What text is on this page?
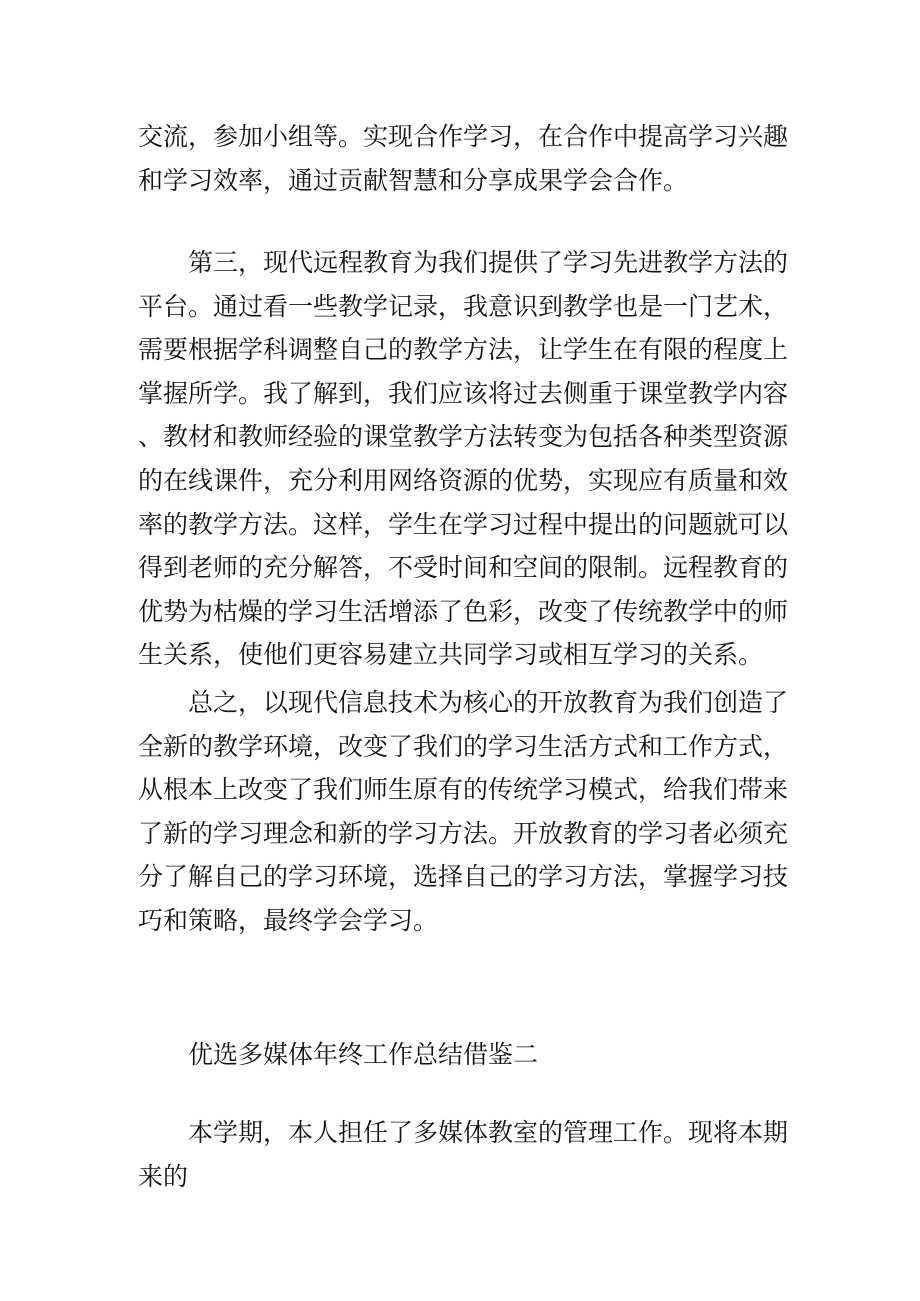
交流，参加小组等。实现合作学习，在合作中提高学习兴趣和学习效率，通过贡献智慧和分享成果学会合作。

第三，现代远程教育为我们提供了学习先进教学方法的平台。通过看一些教学记录，我意识到教学也是一门艺术，需要根据学科调整自己的教学方法，让学生在有限的程度上掌握所学。我了解到，我们应该将过去侧重于课堂教学内容、教材和教师经验的课堂教学方法转变为包括各种类型资源的在线课件，充分利用网络资源的优势，实现应有质量和效率的教学方法。这样，学生在学习过程中提出的问题就可以得到老师的充分解答，不受时间和空间的限制。远程教育的优势为枯燥的学习生活增添了色彩，改变了传统教学中的师生关系，使他们更容易建立共同学习或相互学习的关系。

总之，以现代信息技术为核心的开放教育为我们创造了全新的教学环境，改变了我们的学习生活方式和工作方式，从根本上改变了我们师生原有的传统学习模式，给我们带来了新的学习理念和新的学习方法。开放教育的学习者必须充分了解自己的学习环境，选择自己的学习方法，掌握学习技巧和策略，最终学会学习。

优选多媒体年终工作总结借鉴二

本学期，本人担任了多媒体教室的管理工作。现将本期来的
